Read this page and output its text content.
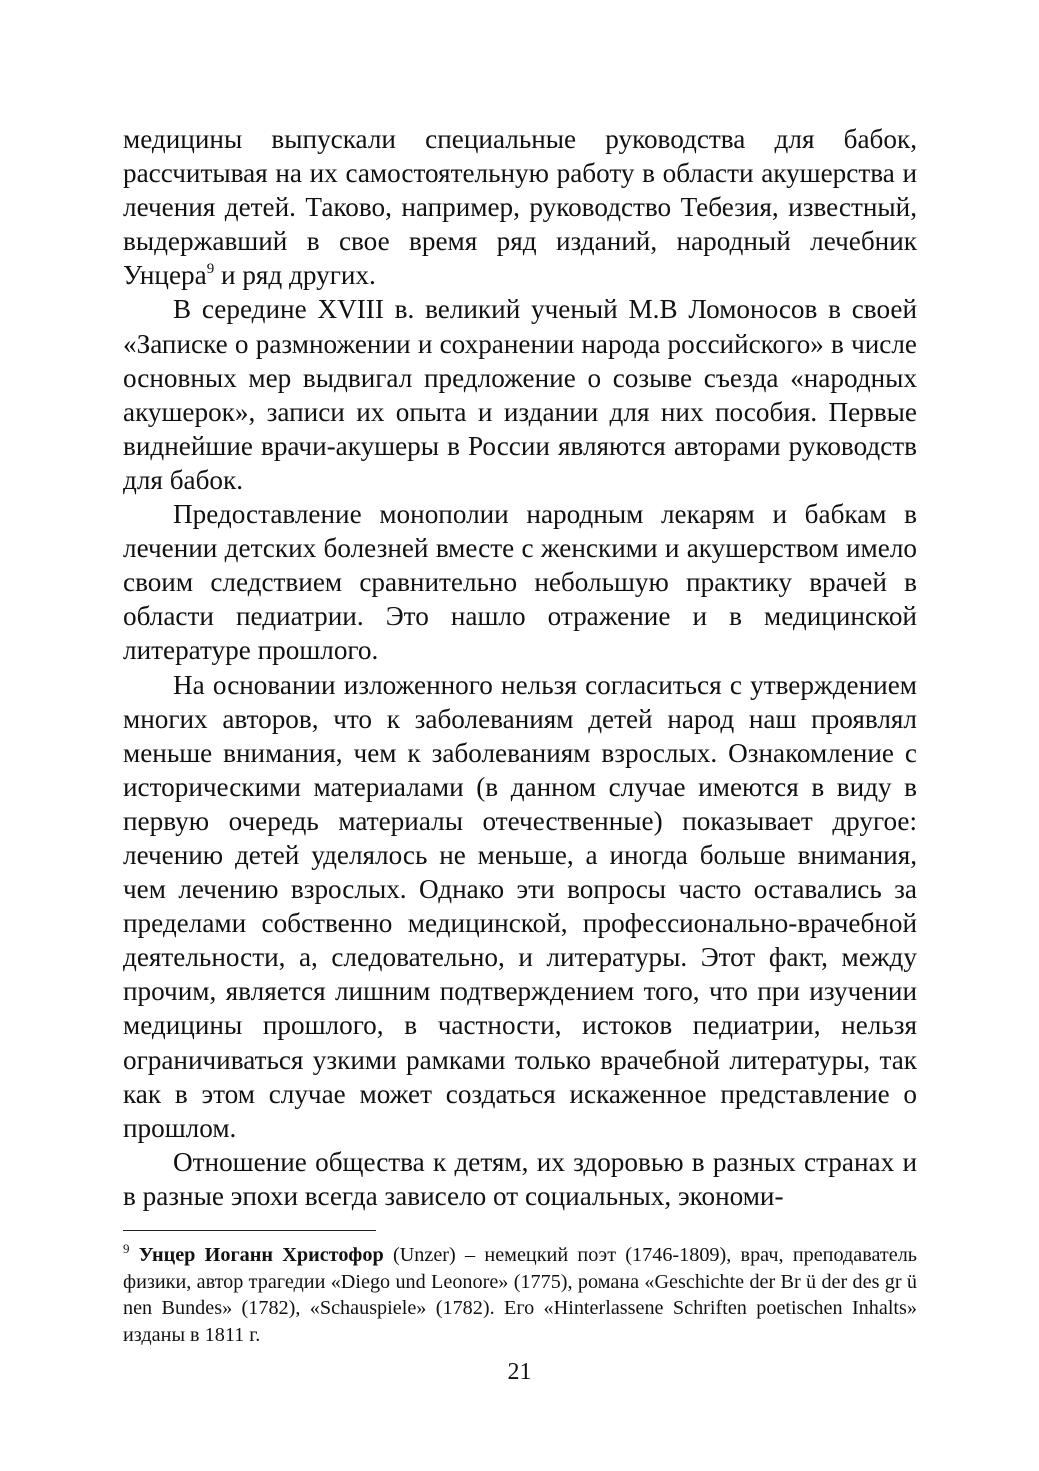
медицины выпускали специальные руководства для бабок, рассчитывая на их самостоятельную работу в области акушерства и лечения детей. Таково, например, руководство Тебезия, известный, выдержавший в свое время ряд изданий, народный лечебник Унцера$^9$ и ряд других.

В середине XVIII в. великий ученый М.В Ломоносов в своей «Записке о размножении и сохранении народа российского» в числе основных мер выдвигал предложение о созыве съезда «народных акушерок», записи их опыта и издании для них пособия. Первые виднейшие врачи-акушеры в России являются авторами руководств для бабок.

Предоставление монополии народным лекарям и бабкам в лечении детских болезней вместе с женскими и акушерством имело своим следствием сравнительно небольшую практику врачей в области педиатрии. Это нашло отражение и в медицинской литературе прошлого.

На основании изложенного нельзя согласиться с утверждением многих авторов, что к заболеваниям детей народ наш проявлял меньше внимания, чем к заболеваниям взрослых. Ознакомление с историческими материалами (в данном случае имеются в виду в первую очередь материалы отечественные) показывает другое: лечению детей уделялось не меньше, а иногда больше внимания, чем лечению взрослых. Однако эти вопросы часто оставались за пределами собственно медицинской, профессионально-врачебной деятельности, а, следовательно, и литературы. Этот факт, между прочим, является лишним подтверждением того, что при изучении медицины прошлого, в частности, истоков педиатрии, нельзя ограничиваться узкими рамками только врачебной литературы, так как в этом случае может создаться искаженное представление о прошлом.

Отношение общества к детям, их здоровью в разных странах и в разные эпохи всегда зависело от социальных, экономи-

$^9$ Унцер Иоганн Христофор (Unzer) – немецкий поэт (1746-1809), врач, преподаватель физики, автор трагедии «Diego und Leonore» (1775), романа «Geschichte der Br ü der des gr ü nen Bundes» (1782), «Schauspiele» (1782). Его «Hinterlassene Schriften poetischen Inhalts» изданы в 1811 г.
21
